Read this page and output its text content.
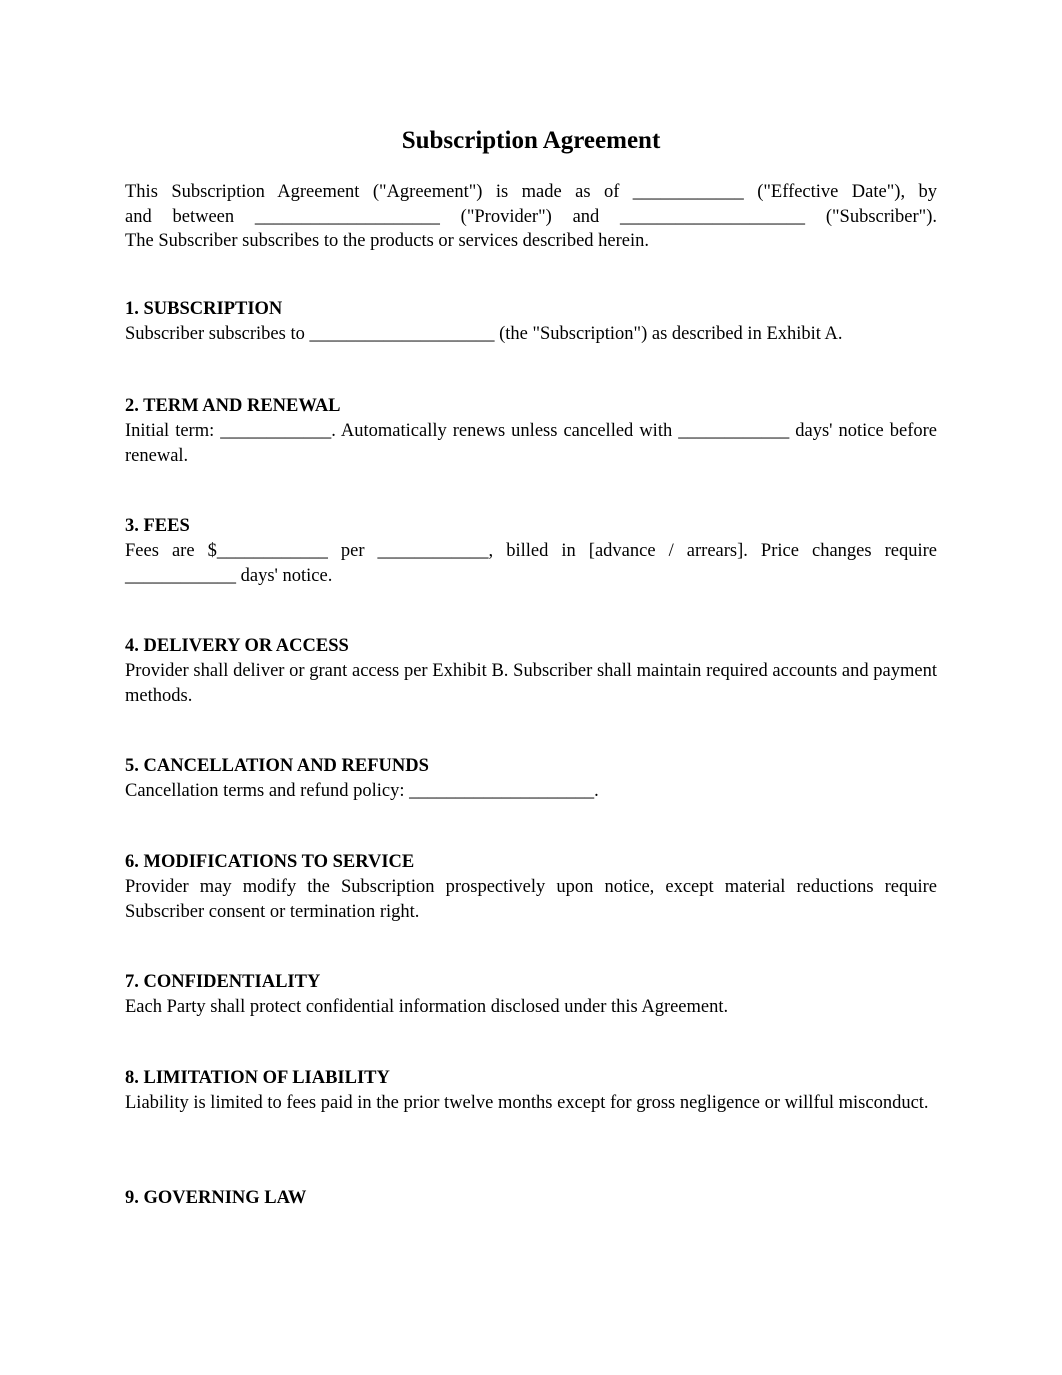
Subscription Agreement

This Subscription Agreement ("Agreement") is made as of ____________ ("Effective Date"), by

and between ____________________ ("Provider") and ____________________ ("Subscriber").

The Subscriber subscribes to the products or services described herein.

1. SUBSCRIPTION

Subscriber subscribes to ____________________ (the "Subscription") as described in Exhibit A.

2. TERM AND RENEWAL

Initial term: ____________. Automatically renews unless cancelled with ____________ days' notice before renewal.

3. FEES

Fees are $____________ per ____________, billed in [advance / arrears]. Price changes require ____________ days' notice.

4. DELIVERY OR ACCESS

Provider shall deliver or grant access per Exhibit B. Subscriber shall maintain required accounts and payment methods.

5. CANCELLATION AND REFUNDS

Cancellation terms and refund policy: ____________________.

6. MODIFICATIONS TO SERVICE

Provider may modify the Subscription prospectively upon notice, except material reductions require Subscriber consent or termination right.

7. CONFIDENTIALITY

Each Party shall protect confidential information disclosed under this Agreement.

8. LIMITATION OF LIABILITY

Liability is limited to fees paid in the prior twelve months except for gross negligence or willful misconduct.

9. GOVERNING LAW
